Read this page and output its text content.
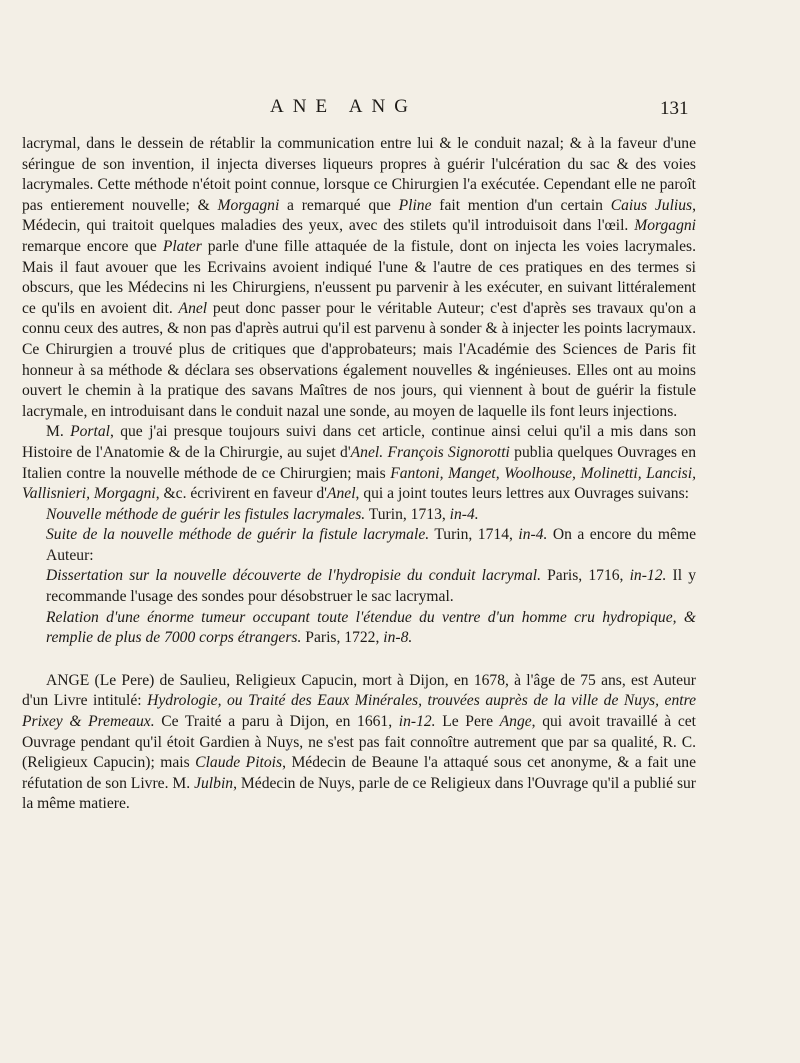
ANE ANG	131

lacrymal, dans le dessein de rétablir la communication entre lui & le conduit nazal; & à la faveur d'une séringue de son invention, il injecta diverses liqueurs propres à guérir l'ulcération du sac & des voies lacrymales. Cette méthode n'étoit point connue, lorsque ce Chirurgien l'a exécutée. Cependant elle ne paroît pas entierement nouvelle; & Morgagni a remarqué que Pline fait mention d'un certain Caius Julius, Médecin, qui traitoit quelques maladies des yeux, avec des stilets qu'il introduisoit dans l'œil. Morgagni remarque encore que Plater parle d'une fille attaquée de la fistule, dont on injecta les voies lacrymales. Mais il faut avouer que les Ecrivains avoient indiqué l'une & l'autre de ces pratiques en des termes si obscurs, que les Médecins ni les Chirurgiens, n'eussent pu parvenir à les exécuter, en suivant littéralement ce qu'ils en avoient dit. Anel peut donc passer pour le véritable Auteur; c'est d'après ses travaux qu'on a connu ceux des autres, & non pas d'après autrui qu'il est parvenu à sonder & à injecter les points lacrymaux. Ce Chirurgien a trouvé plus de critiques que d'approbateurs; mais l'Académie des Sciences de Paris fit honneur à sa méthode & déclara ses observations également nouvelles & ingénieuses. Elles ont au moins ouvert le chemin à la pratique des savans Maîtres de nos jours, qui viennent à bout de guérir la fistule lacrymale, en introduisant dans le conduit nazal une sonde, au moyen de laquelle ils font leurs injections.

M. Portal, que j'ai presque toujours suivi dans cet article, continue ainsi celui qu'il a mis dans son Histoire de l'Anatomie & de la Chirurgie, au sujet d'Anel. François Signorotti publia quelques Ouvrages en Italien contre la nouvelle méthode de ce Chirurgien; mais Fantoni, Manget, Woolhouse, Molinetti, Lancisi, Vallisnieri, Morgagni, &c. écrivirent en faveur d'Anel, qui a joint toutes leurs lettres aux Ouvrages suivans:

Nouvelle méthode de guérir les fistules lacrymales. Turin, 1713, in-4.

Suite de la nouvelle méthode de guérir la fistule lacrymale. Turin, 1714, in-4. On a encore du même Auteur:

Dissertation sur la nouvelle découverte de l'hydropisie du conduit lacrymal. Paris, 1716, in-12. Il y recommande l'usage des sondes pour désobstruer le sac lacrymal.

Relation d'une énorme tumeur occupant toute l'étendue du ventre d'un homme cru hydropique, & remplie de plus de 7000 corps étrangers. Paris, 1722, in-8.

ANGE (Le Pere) de Saulieu, Religieux Capucin, mort à Dijon, en 1678, à l'âge de 75 ans, est Auteur d'un Livre intitulé: Hydrologie, ou Traité des Eaux Minérales, trouvées auprès de la ville de Nuys, entre Prixey & Premeaux. Ce Traité a paru à Dijon, en 1661, in-12. Le Pere Ange, qui avoit travaillé à cet Ouvrage pendant qu'il étoit Gardien à Nuys, ne s'est pas fait connoître autrement que par sa qualité, R. C. (Religieux Capucin); mais Claude Pitois, Médecin de Beaune l'a attaqué sous cet anonyme, & a fait une réfutation de son Livre. M. Julbin, Médecin de Nuys, parle de ce Religieux dans l'Ouvrage qu'il a publié sur la même matiere.
